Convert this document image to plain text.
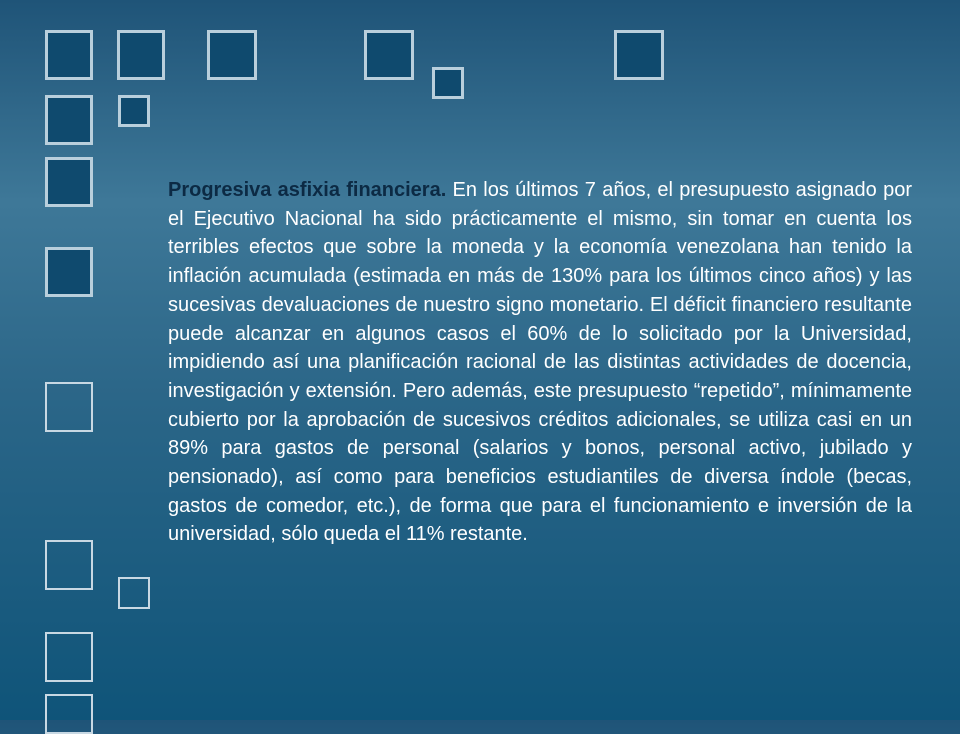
Progresiva asfixia financiera. En los últimos 7 años, el presupuesto asignado por el Ejecutivo Nacional ha sido prácticamente el mismo, sin tomar en cuenta los terribles efectos que sobre la moneda y la economía venezolana han tenido la inflación acumulada (estimada en más de 130% para los últimos cinco años) y las sucesivas devaluaciones de nuestro signo monetario. El déficit financiero resultante puede alcanzar en algunos casos el 60% de lo solicitado por la Universidad, impidiendo así una planificación racional de las distintas actividades de docencia, investigación y extensión. Pero además, este presupuesto “repetido”, mínimamente cubierto por la aprobación de sucesivos créditos adicionales, se utiliza casi en un 89% para gastos de personal (salarios y bonos, personal activo, jubilado y pensionado), así como para beneficios estudiantiles de diversa índole (becas, gastos de comedor, etc.), de forma que para el funcionamiento e inversión de la universidad, sólo queda el 11% restante.
